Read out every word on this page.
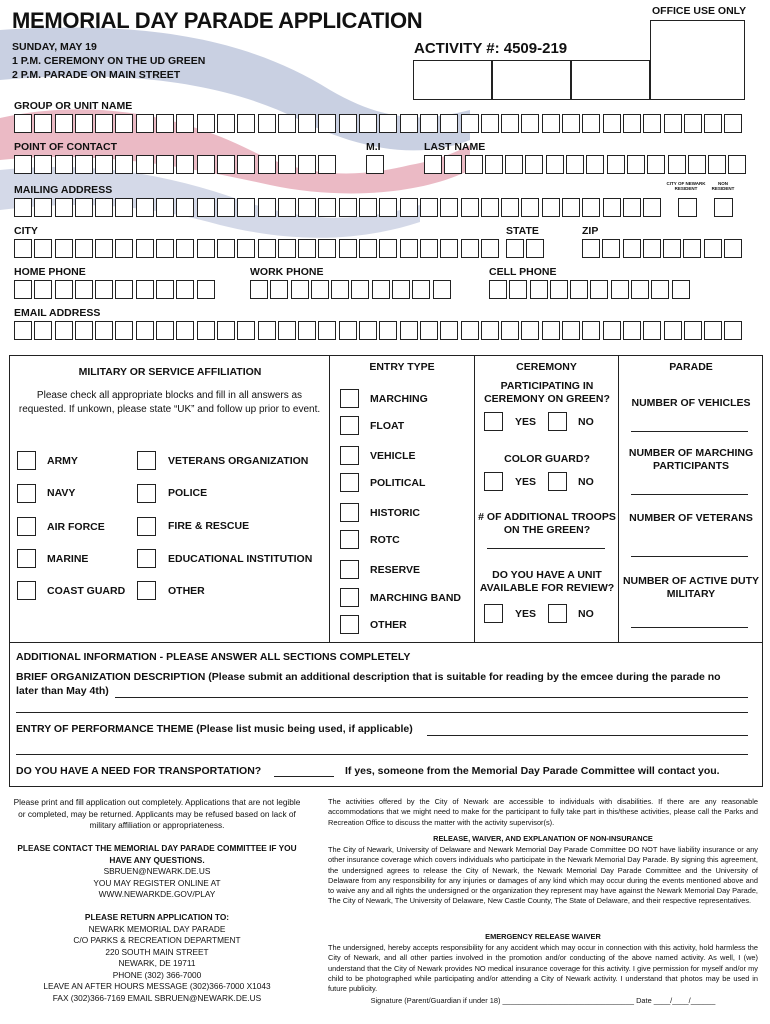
MEMORIAL DAY PARADE APPLICATION
SUNDAY, MAY 19
1 P.M. CEREMONY ON THE UD GREEN
2 P.M. PARADE ON MAIN STREET
OFFICE USE ONLY
ACTIVITY #: 4509-219
GROUP OR UNIT NAME
POINT OF CONTACT	M.I	LAST NAME
MAILING ADDRESS
CITY OF NEWARK RESIDENT
NON RESIDENT
CITY	STATE	ZIP
HOME PHONE	WORK PHONE	CELL PHONE
EMAIL ADDRESS
MILITARY OR SERVICE AFFILIATION
Please check all appropriate blocks and fill in all answers as requested. If unkown, please state “UK” and follow up prior to event.
ARMY
NAVY
AIR FORCE
MARINE
COAST GUARD
VETERANS ORGANIZATION
POLICE
FIRE & RESCUE
EDUCATIONAL INSTITUTION
OTHER
ENTRY TYPE
MARCHING
FLOAT
VEHICLE
POLITICAL
HISTORIC
ROTC
RESERVE
MARCHING BAND
OTHER
CEREMONY
PARTICIPATING IN CEREMONY ON GREEN?
YES	NO
COLOR GUARD?
YES	NO
# OF ADDITIONAL TROOPS ON THE GREEN?
DO YOU HAVE A UNIT AVAILABLE FOR REVIEW?
YES	NO
PARADE
NUMBER OF VEHICLES
NUMBER OF MARCHING PARTICIPANTS
NUMBER OF VETERANS
NUMBER OF ACTIVE DUTY MILITARY
ADDITIONAL INFORMATION - PLEASE ANSWER ALL SECTIONS COMPLETELY
BRIEF ORGANIZATION DESCRIPTION (Please submit an additional description that is suitable for reading by the emcee during the parade no
later than May 4th)
ENTRY OF PERFORMANCE THEME (Please list music being used, if applicable)
DO YOU HAVE A NEED FOR TRANSPORTATION?	If yes, someone from the Memorial Day Parade Committee will contact you.
Please print and fill application out completely. Applications that are not legible or completed, may be returned. Applicants may be refused based on lack of military affiliation or appropriateness.
PLEASE CONTACT THE MEMORIAL DAY PARADE COMMITTEE IF YOU HAVE ANY QUESTIONS.
SBRUEN@NEWARK.DE.US
YOU MAY REGISTER ONLINE AT
WWW.NEWARKDE.GOV/PLAY
PLEASE RETURN APPLICATION TO:
NEWARK MEMORIAL DAY PARADE
C/O PARKS & RECREATION DEPARTMENT
220 SOUTH MAIN STREET
NEWARK, DE 19711
PHONE (302) 366-7000
LEAVE AN AFTER HOURS MESSAGE (302)366-7000 X1043
FAX (302)366-7169 EMAIL SBRUEN@NEWARK.DE.US
The activities offered by the City of Newark are accessible to individuals with disabilities. If there are any reasonable accommodations that we might need to make for the participant to fully take part in this/these activities, please call the Parks and Recreation Office to discuss the matter with the activity supervisor(s).
RELEASE, WAIVER, AND EXPLANATION OF NON-INSURANCE
The City of Newark, University of Delaware and Newark Memorial Day Parade Committee DO NOT have liability insurance or any other insurance coverage which covers individuals who participate in the Newark Memorial Day Parade. By signing this agreement, the undersigned agrees to release the City of Newark, the Newark Memorial Day Parade Committee and the University of Delaware from any responsibility for any injuries or damages of any kind which may occur during the events mentioned above and to waive any and all rights the undersigned or the organization they represent may have against the Newark Memorial Day Parade, The City of Newark, The University of Delaware, New Castle County, The State of Delaware, and their respective representatives.
EMERGENCY RELEASE WAIVER
The undersigned, hereby accepts responsibility for any accident which may occur in connection with this activity, hold harmless the City of Newark, and all other parties involved in the promotion and/or conducting of the above named activity. As well, I (we) understand that the City of Newark provides NO medical insurance coverage for this activity. I give permission for myself and/or my child to be photographed while participating and/or attending a City of Newark activity. I understand that photos may be used in future publicity.
Signature (Parent/Guardian if under 18) ________________________________ Date ____/____/______
